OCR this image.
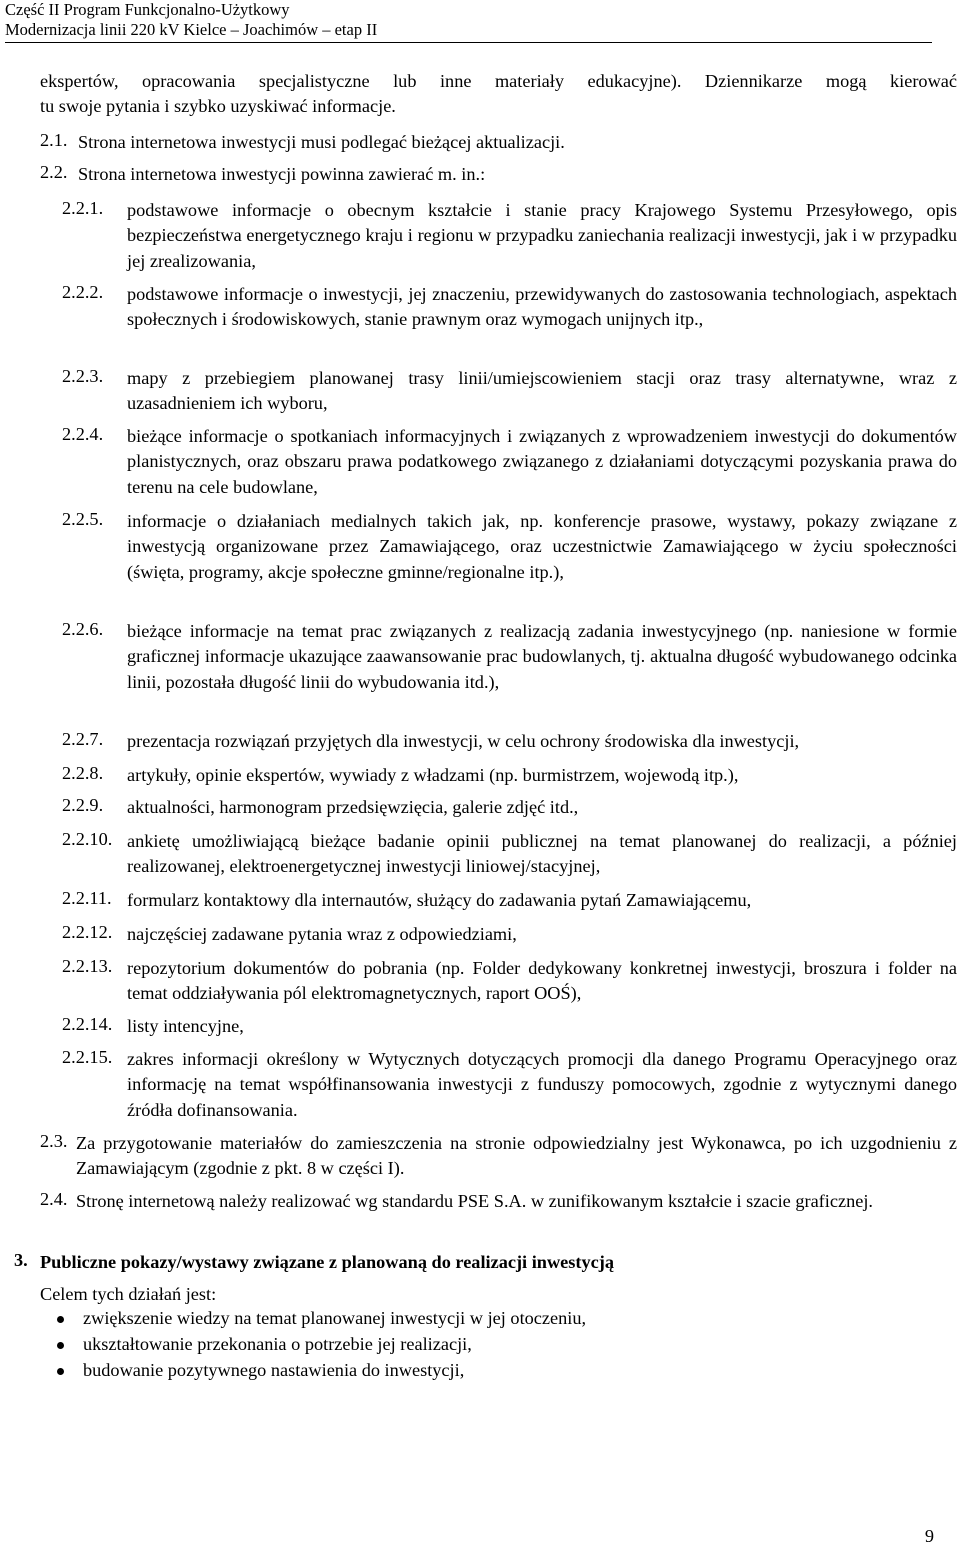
Część II Program Funkcjonalno-Użytkowy
Modernizacja linii 220 kV Kielce – Joachimów – etap II
ekspertów, opracowania specjalistyczne lub inne materiały edukacyjne). Dziennikarze mogą kierować
tu swoje pytania i szybko uzyskiwać informacje.
2.1. Strona internetowa inwestycji musi podlegać bieżącej aktualizacji.
2.2. Strona internetowa inwestycji powinna zawierać m. in.:
2.2.1. podstawowe informacje o obecnym kształcie i stanie pracy Krajowego Systemu Przesyłowego, opis bezpieczeństwa energetycznego kraju i regionu w przypadku zaniechania realizacji inwestycji, jak i w przypadku jej zrealizowania,
2.2.2. podstawowe informacje o inwestycji, jej znaczeniu, przewidywanych do zastosowania technologiach, aspektach społecznych i środowiskowych, stanie prawnym oraz wymogach unijnych itp.,
2.2.3. mapy z przebiegiem planowanej trasy linii/umiejscowieniem stacji oraz trasy alternatywne, wraz z uzasadnieniem ich wyboru,
2.2.4. bieżące informacje o spotkaniach informacyjnych i związanych z wprowadzeniem inwestycji do dokumentów planistycznych, oraz obszaru prawa podatkowego związanego z działaniami dotyczącymi pozyskania prawa do terenu na cele budowlane,
2.2.5. informacje o działaniach medialnych takich jak, np. konferencje prasowe, wystawy, pokazy związane z inwestycją organizowane przez Zamawiającego, oraz uczestnictwie Zamawiającego w życiu społeczności (święta, programy, akcje społeczne gminne/regionalne itp.),
2.2.6. bieżące informacje na temat prac związanych z realizacją zadania inwestycyjnego (np. naniesione w formie graficznej informacje ukazujące zaawansowanie prac budowlanych, tj. aktualna długość wybudowanego odcinka linii, pozostała długość linii do wybudowania itd.),
2.2.7. prezentacja rozwiązań przyjętych dla inwestycji, w celu ochrony środowiska dla inwestycji,
2.2.8. artykuły, opinie ekspertów, wywiady z władzami (np. burmistrzem, wojewodą itp.),
2.2.9. aktualności, harmonogram przedsięwzięcia, galerie zdjęć itd.,
2.2.10. ankietę umożliwiającą bieżące badanie opinii publicznej na temat planowanej do realizacji, a później realizowanej, elektroenergetycznej inwestycji liniowej/stacyjnej,
2.2.11. formularz kontaktowy dla internautów, służący do zadawania pytań Zamawiającemu,
2.2.12. najczęściej zadawane pytania wraz z odpowiedziami,
2.2.13. repozytorium dokumentów do pobrania (np. Folder dedykowany konkretnej inwestycji, broszura i folder na temat oddziaływania pól elektromagnetycznych, raport OOŚ),
2.2.14. listy intencyjne,
2.2.15. zakres informacji określony w Wytycznych dotyczących promocji dla danego Programu Operacyjnego oraz informację na temat współfinansowania inwestycji z funduszy pomocowych, zgodnie z wytycznymi danego źródła dofinansowania.
2.3. Za przygotowanie materiałów do zamieszczenia na stronie odpowiedzialny jest Wykonawca, po ich uzgodnieniu z Zamawiającym (zgodnie z pkt. 8 w części I).
2.4. Stronę internetową należy realizować wg standardu PSE S.A. w zunifikowanym kształcie i szacie graficznej.
3. Publiczne pokazy/wystawy związane z planowaną do realizacji inwestycją
Celem tych działań jest:
zwiększenie wiedzy na temat planowanej inwestycji w jej otoczeniu,
ukształtowanie przekonania o potrzebie jej realizacji,
budowanie pozytywnego nastawienia do inwestycji,
9
